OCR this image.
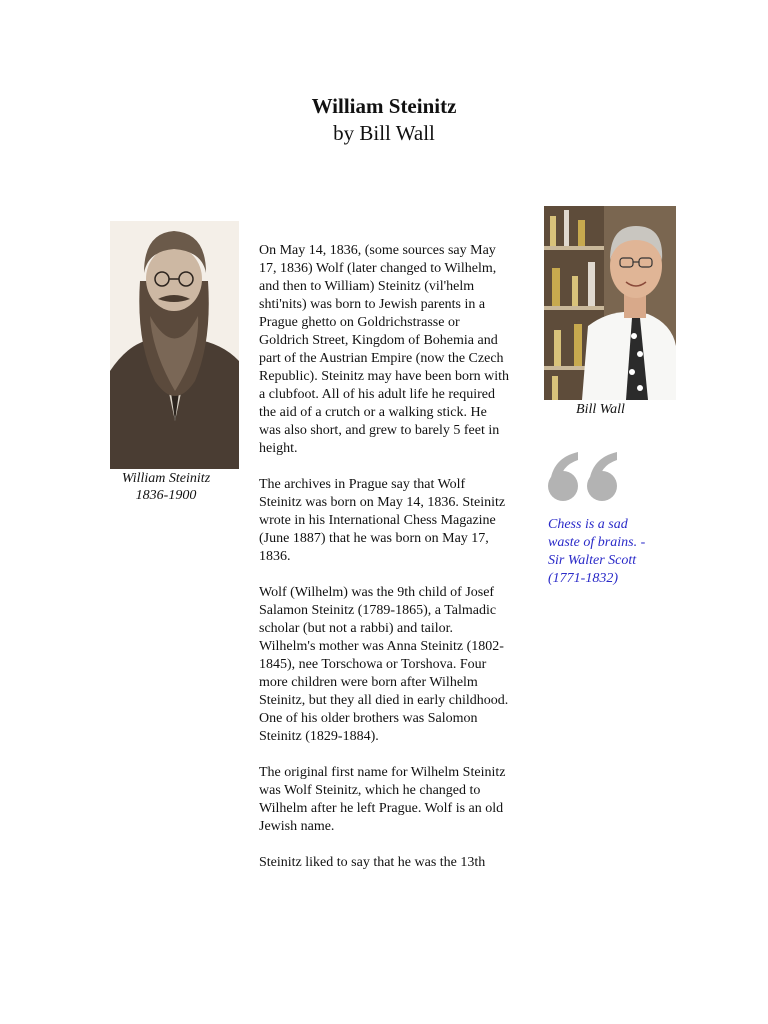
William Steinitz
by Bill Wall
William Steinitz
1836-1900

On May 14, 1836, (some sources say May 17, 1836) Wolf (later changed to Wilhelm, and then to William) Steinitz (vil'helm shti'nits) was born to Jewish parents in a Prague ghetto on Goldrichstrasse or Goldrich Street, Kingdom of Bohemia and part of the Austrian Empire (now the Czech Republic). Steinitz may have been born with a clubfoot. All of his adult life he required the aid of a crutch or a walking stick. He was also short, and grew to barely 5 feet in height.

The archives in Prague say that Wolf Steinitz was born on May 14, 1836. Steinitz wrote in his International Chess Magazine (June 1887) that he was born on May 17, 1836.

Wolf (Wilhelm) was the 9th child of Josef Salamon Steinitz (1789-1865), a Talmadic scholar (but not a rabbi) and tailor. Wilhelm's mother was Anna Steinitz (1802-1845), nee Torschowa or Torshova. Four more children were born after Wilhelm Steinitz, but they all died in early childhood. One of his older brothers was Salomon Steinitz (1829-1884).

The original first name for Wilhelm Steinitz was Wolf Steinitz, which he changed to Wilhelm after he left Prague. Wolf is an old Jewish name.

Steinitz liked to say that he was the 13th

Bill Wall
Chess is a sad
waste of brains. -
Sir Walter Scott
(1771-1832)
